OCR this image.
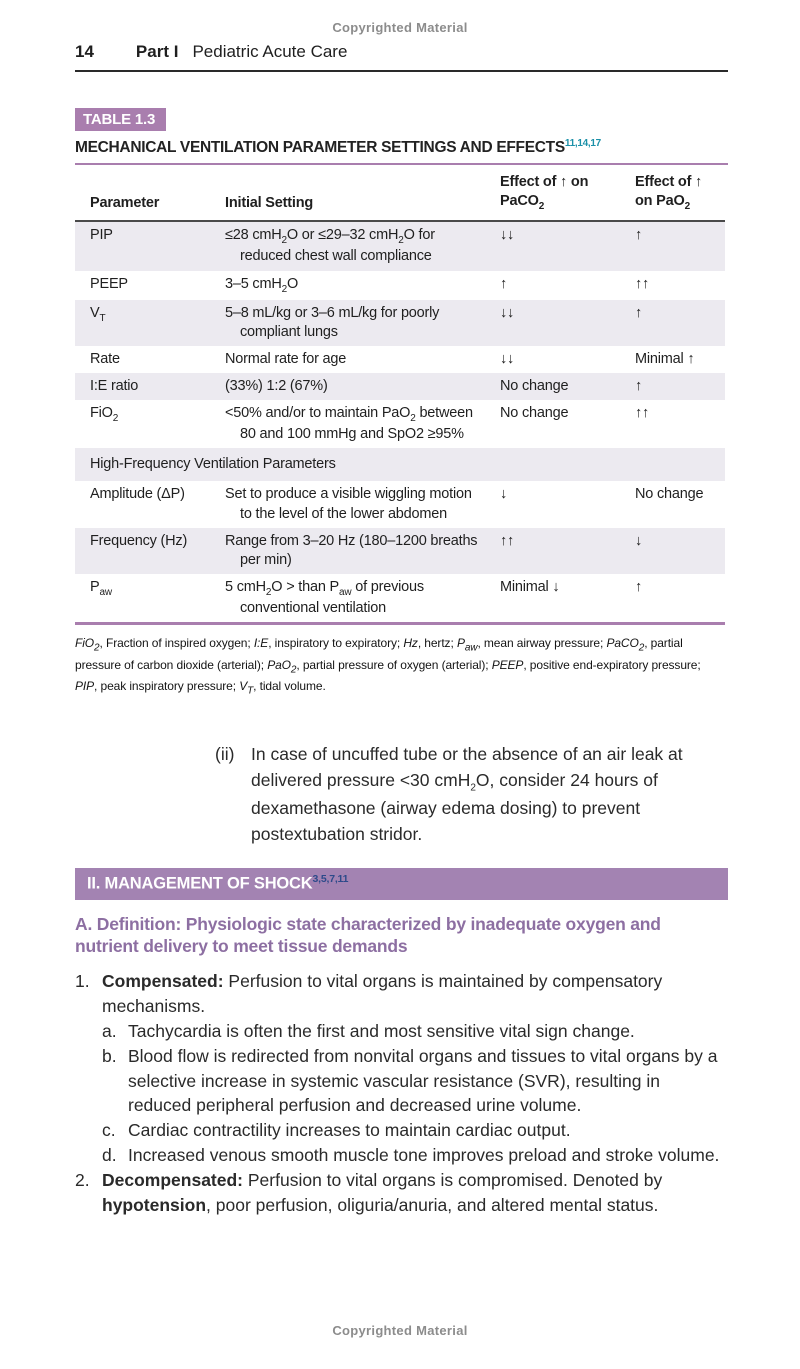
Copyrighted Material
14 Part I Pediatric Acute Care
TABLE 1.3
MECHANICAL VENTILATION PARAMETER SETTINGS AND EFFECTS$^{11,14,17}$
Parameter	Initial Setting	Effect of ↑ on PaCO$_2$	Effect of ↑ on PaO$_2$
PIP	≤28 cmH$_2$O or ≤29–32 cmH$_2$O for reduced chest wall compliance	↓↓	↑
PEEP	3–5 cmH$_2$O	↑	↑↑
$V_T$	5–8 mL/kg or 3–6 mL/kg for poorly compliant lungs	↓↓	↑
Rate	Normal rate for age	↓↓	Minimal ↑
I:E ratio	(33%) 1:2 (67%)	No change	↑
FiO$_2$	<50% and/or to maintain PaO$_2$ between 80 and 100 mmHg and SpO2 ≥95%	No change	↑↑
High-Frequency Ventilation Parameters			
Amplitude (ΔP)	Set to produce a visible wiggling motion to the level of the lower abdomen	↓	No change
Frequency (Hz)	Range from 3–20 Hz (180–1200 breaths per min)	↑↑	↓
$P_{aw}$	5 cmH$_2$O > than $P_{aw}$ of previous conventional ventilation	Minimal ↓	↑
FiO$_2$, Fraction of inspired oxygen; I:E, inspiratory to expiratory; Hz, hertz; $P_{aw}$, mean airway pressure; PaCO$_2$, partial pressure of carbon dioxide (arterial); PaO$_2$, partial pressure of oxygen (arterial); PEEP, positive end-expiratory pressure; PIP, peak inspiratory pressure; $V_T$, tidal volume.
(ii) In case of uncuffed tube or the absence of an air leak at delivered pressure <30 cmH$_2$O, consider 24 hours of dexamethasone (airway edema dosing) to prevent postextubation stridor.
II. MANAGEMENT OF SHOCK$^{3,5,7,11}$
A. Definition: Physiologic state characterized by inadequate oxygen and nutrient delivery to meet tissue demands
1. Compensated: Perfusion to vital organs is maintained by compensatory mechanisms.
a. Tachycardia is often the first and most sensitive vital sign change.
b. Blood flow is redirected from nonvital organs and tissues to vital organs by a selective increase in systemic vascular resistance (SVR), resulting in reduced peripheral perfusion and decreased urine volume.
c. Cardiac contractility increases to maintain cardiac output.
d. Increased venous smooth muscle tone improves preload and stroke volume.
2. Decompensated: Perfusion to vital organs is compromised. Denoted by hypotension, poor perfusion, oliguria/anuria, and altered mental status.
Copyrighted Material
